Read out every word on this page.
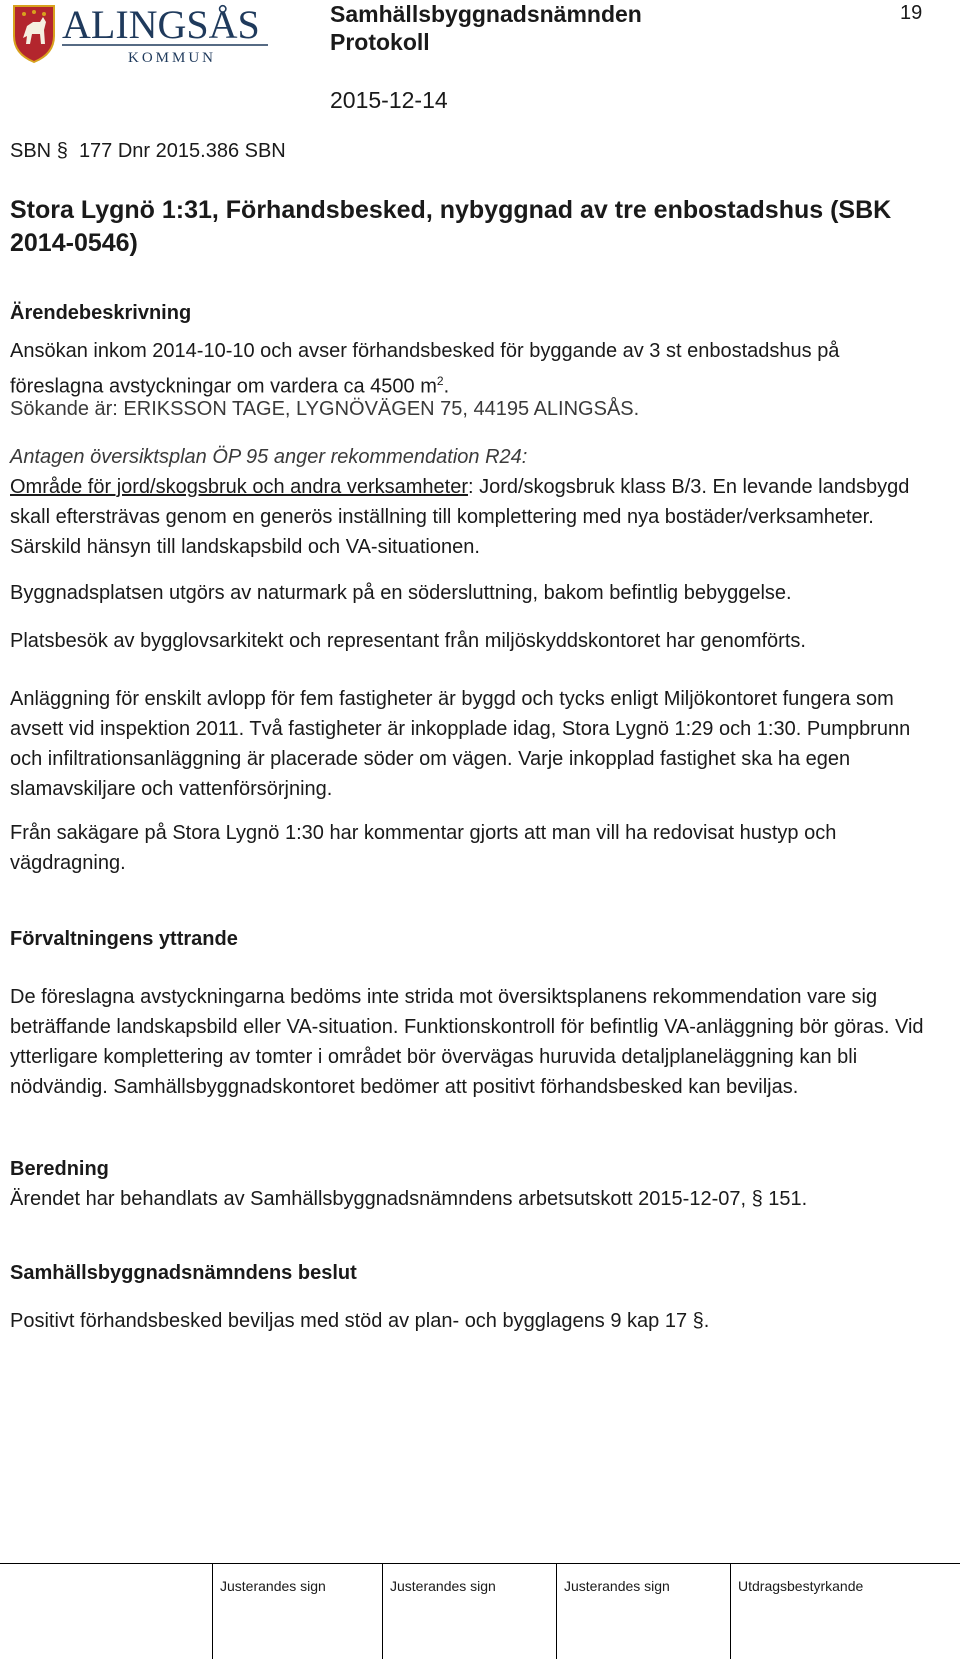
ALINGSÅS
KOMMUN
Samhällsbyggnadsnämnden
Protokoll
2015-12-14
19
SBN § 177 Dnr 2015.386 SBN
Stora Lygnö 1:31, Förhandsbesked, nybyggnad av tre enbostadshus (SBK 2014-0546)
Ärendebeskrivning
Ansökan inkom 2014-10-10 och avser förhandsbesked för byggande av 3 st enbostadshus på föreslagna avstyckningar om vardera ca 4500 $m^2$.
Sökande är: ERIKSSON TAGE, LYGNÖVÄGEN 75, 44195 ALINGSÅS.
Antagen översiktsplan ÖP 95 anger rekommendation R24:
Område för jord/skogsbruk och andra verksamheter: Jord/skogsbruk klass B/3. En levande landsbygd skall eftersträvas genom en generös inställning till komplettering med nya bostäder/verksamheter. Särskild hänsyn till landskapsbild och VA-situationen.
Byggnadsplatsen utgörs av naturmark på en södersluttning, bakom befintlig bebyggelse.
Platsbesök av bygglovsarkitekt och representant från miljöskyddskontoret har genomförts.
Anläggning för enskilt avlopp för fem fastigheter är byggd och tycks enligt Miljökontoret fungera som avsett vid inspektion 2011. Två fastigheter är inkopplade idag, Stora Lygnö 1:29 och 1:30. Pumpbrunn och infiltrationsanläggning är placerade söder om vägen. Varje inkopplad fastighet ska ha egen slamavskiljare och vattenförsörjning.
Från sakägare på Stora Lygnö 1:30 har kommentar gjorts att man vill ha redovisat hustyp och vägdragning.
Förvaltningens yttrande
De föreslagna avstyckningarna bedöms inte strida mot översiktsplanens rekommendation vare sig beträffande landskapsbild eller VA-situation. Funktionskontroll för befintlig VA-anläggning bör göras. Vid ytterligare komplettering av tomter i området bör övervägas huruvida detaljplaneläggning kan bli nödvändig. Samhällsbyggnadskontoret bedömer att positivt förhandsbesked kan beviljas.
Beredning
Ärendet har behandlats av Samhällsbyggnadsnämndens arbetsutskott 2015-12-07, § 151.
Samhällsbyggnadsnämndens beslut
Positivt förhandsbesked beviljas med stöd av plan- och bygglagens 9 kap 17 §.
Justerandes sign	Justerandes sign	Justerandes sign	Utdragsbestyrkande
